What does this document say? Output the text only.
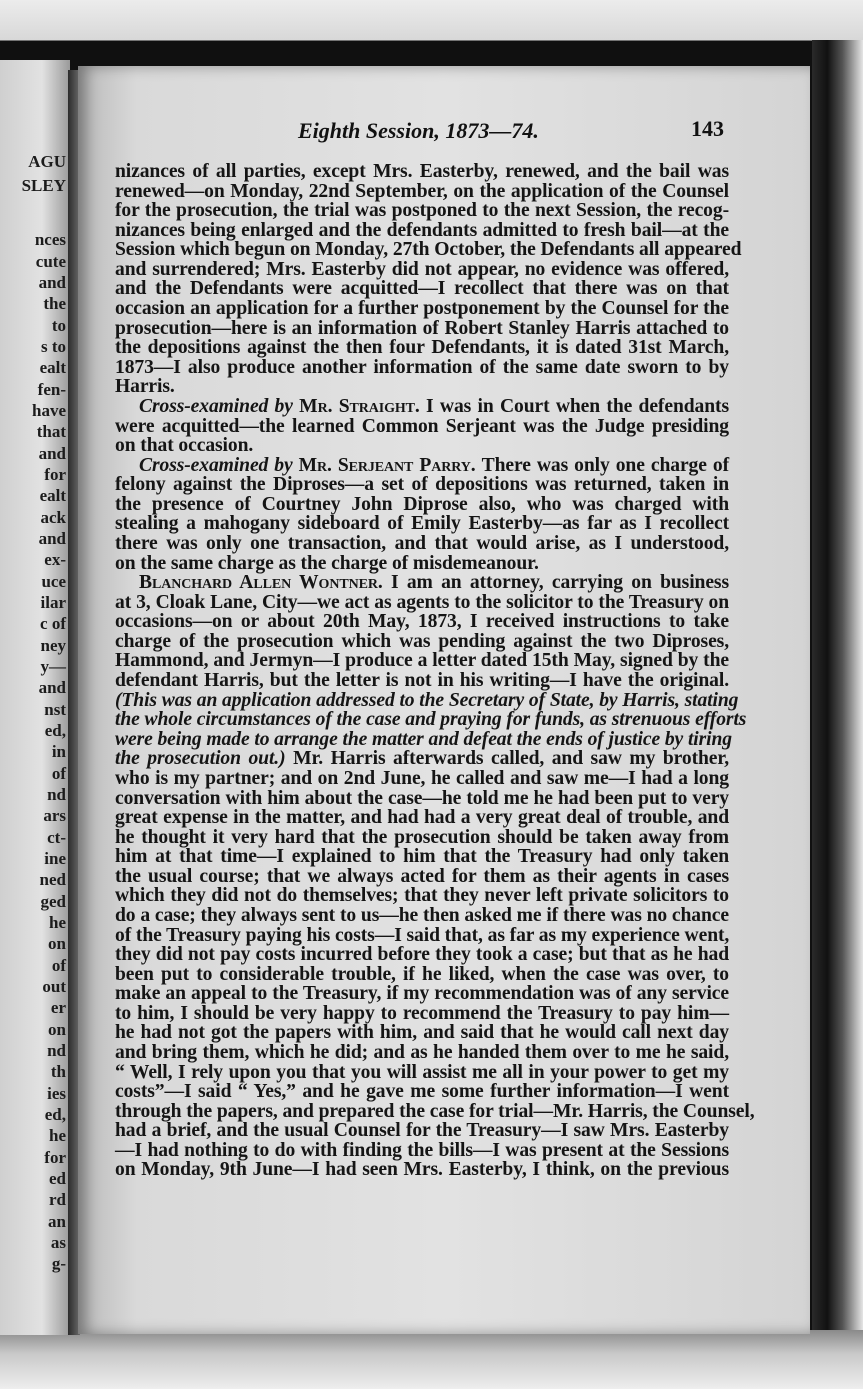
AGU
SLEY
nces
cute
and
the
to
s to
ealt
fen-
have
that
and
for
ealt
ack
and
ex-
uce
ilar
c of
ney
y—
and
nst
ed,
in
of
nd
ars
ct-
ine
ned
ged
he
on
of
out
er
on
nd
th
ies
ed,
he
for
ed
rd
an
as
g-
Eighth Session, 1873—74.	143
nizances of all parties, except Mrs. Easterby, renewed, and the bail was
renewed—on Monday, 22nd September, on the application of the Counsel
for the prosecution, the trial was postponed to the next Session, the recog-
nizances being enlarged and the defendants admitted to fresh bail—at the
Session which begun on Monday, 27th October, the Defendants all appeared
and surrendered; Mrs. Easterby did not appear, no evidence was offered,
and the Defendants were acquitted—I recollect that there was on that
occasion an application for a further postponement by the Counsel for the
prosecution—here is an information of Robert Stanley Harris attached to
the depositions against the then four Defendants, it is dated 31st March,
1873—I also produce another information of the same date sworn to by
Harris.
Cross-examined by Mr. Straight. I was in Court when the defendants
were acquitted—the learned Common Serjeant was the Judge presiding
on that occasion.
Cross-examined by Mr. Serjeant Parry. There was only one charge of
felony against the Diproses—a set of depositions was returned, taken in
the presence of Courtney John Diprose also, who was charged with
stealing a mahogany sideboard of Emily Easterby—as far as I recollect
there was only one transaction, and that would arise, as I understood,
on the same charge as the charge of misdemeanour.
Blanchard Allen Wontner. I am an attorney, carrying on business
at 3, Cloak Lane, City—we act as agents to the solicitor to the Treasury on
occasions—on or about 20th May, 1873, I received instructions to take
charge of the prosecution which was pending against the two Diproses,
Hammond, and Jermyn—I produce a letter dated 15th May, signed by the
defendant Harris, but the letter is not in his writing—I have the original.
(This was an application addressed to the Secretary of State, by Harris, stating
the whole circumstances of the case and praying for funds, as strenuous efforts
were being made to arrange the matter and defeat the ends of justice by tiring
the prosecution out.) Mr. Harris afterwards called, and saw my brother,
who is my partner; and on 2nd June, he called and saw me—I had a long
conversation with him about the case—he told me he had been put to very
great expense in the matter, and had had a very great deal of trouble, and
he thought it very hard that the prosecution should be taken away from
him at that time—I explained to him that the Treasury had only taken
the usual course; that we always acted for them as their agents in cases
which they did not do themselves; that they never left private solicitors to
do a case; they always sent to us—he then asked me if there was no chance
of the Treasury paying his costs—I said that, as far as my experience went,
they did not pay costs incurred before they took a case; but that as he had
been put to considerable trouble, if he liked, when the case was over, to
make an appeal to the Treasury, if my recommendation was of any service
to him, I should be very happy to recommend the Treasury to pay him—
he had not got the papers with him, and said that he would call next day
and bring them, which he did; and as he handed them over to me he said,
“ Well, I rely upon you that you will assist me all in your power to get my
costs”—I said “ Yes,” and he gave me some further information—I went
through the papers, and prepared the case for trial—Mr. Harris, the Counsel,
had a brief, and the usual Counsel for the Treasury—I saw Mrs. Easterby
—I had nothing to do with finding the bills—I was present at the Sessions
on Monday, 9th June—I had seen Mrs. Easterby, I think, on the previous
